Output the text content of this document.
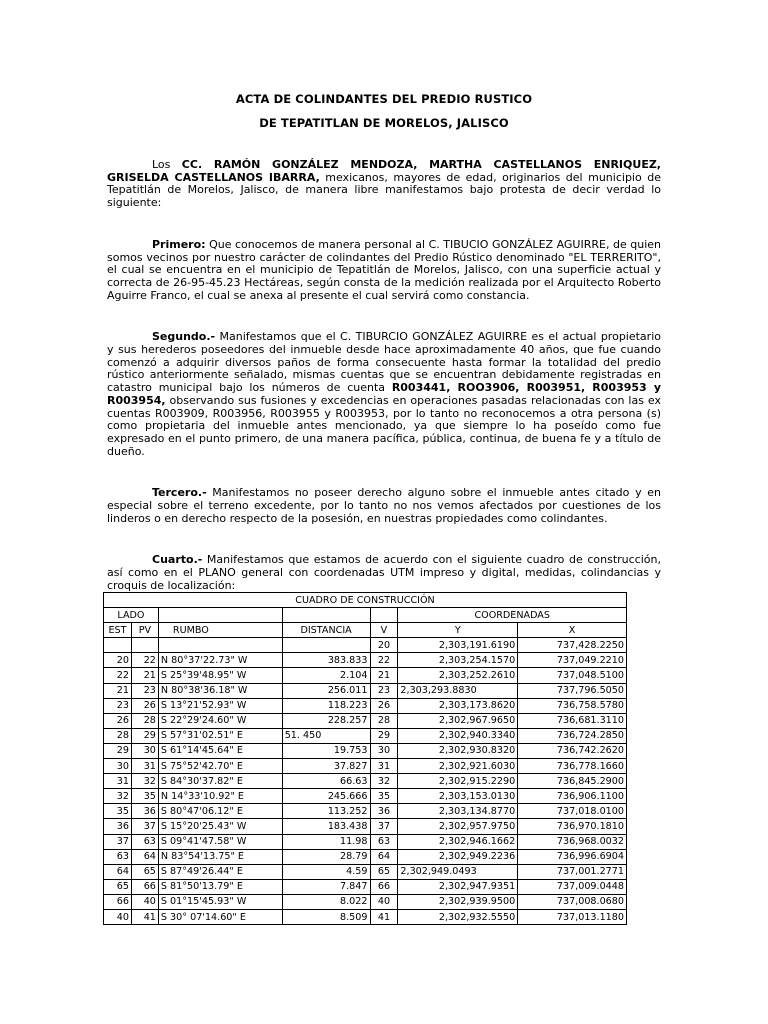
ACTA DE COLINDANTES DEL PREDIO RUSTICO
DE TEPATITLAN DE MORELOS, JALISCO

Los CC. RAMÓN GONZÁLEZ MENDOZA, MARTHA CASTELLANOS ENRIQUEZ, GRISELDA CASTELLANOS IBARRA, mexicanos, mayores de edad, originarios del municipio de Tepatitlán de Morelos, Jalisco, de manera libre manifestamos bajo protesta de decir verdad lo siguiente:

Primero: Que conocemos de manera personal al C. TIBUCIO GONZÁLEZ AGUIRRE, de quien somos vecinos por nuestro carácter de colindantes del Predio Rústico denominado "EL TERRERITO", el cual se encuentra en el municipio de Tepatitlán de Morelos, Jalisco, con una superficie actual y correcta de 26-95-45.23 Hectáreas, según consta de la medición realizada por el Arquitecto Roberto Aguirre Franco, el cual se anexa al presente el cual servirá como constancia.

Segundo.- Manifestamos que el C. TIBURCIO GONZÁLEZ AGUIRRE es el actual propietario y sus herederos poseedores del inmueble desde hace aproximadamente 40 años, que fue cuando comenzó a adquirir diversos paños de forma consecuente hasta formar la totalidad del predio rústico anteriormente señalado, mismas cuentas que se encuentran debidamente registradas en catastro municipal bajo los números de cuenta R003441, ROO3906, R003951, R003953 y R003954, observando sus fusiones y excedencias en operaciones pasadas relacionadas con las ex cuentas R003909, R003956, R003955 y R003953, por lo tanto no reconocemos a otra persona (s) como propietaria del inmueble antes mencionado, ya que siempre lo ha poseído como fue expresado en el punto primero, de una manera pacífica, pública, continua, de buena fe y a título de dueño.

Tercero.- Manifestamos no poseer derecho alguno sobre el inmueble antes citado y en especial sobre el terreno excedente, por lo tanto no nos vemos afectados por cuestiones de los linderos o en derecho respecto de la posesión, en nuestras propiedades como colindantes.

Cuarto.- Manifestamos que estamos de acuerdo con el siguiente cuadro de construcción, así como en el PLANO general con coordenadas UTM impreso y digital, medidas, colindancias y croquis de localización:

CUADRO DE CONSTRUCCIÓN						
LADO					COORDENADAS	
EST	PV	RUMBO	DISTANCIA	V	Y	X
				20	2,303,191.6190	737,428.2250
20	22	N 80°37'22.73" W	383.833	22	2,303,254.1570	737,049.2210
22	21	S 25°39'48.95" W	2.104	21	2,303,252.2610	737,048.5100
21	23	N 80°38'36.18" W	256.011	23	2,303,293.8830	737,796.5050
23	26	S 13°21'52.93" W	118.223	26	2,303,173.8620	736,758.5780
26	28	S 22°29'24.60" W	228.257	28	2,302,967.9650	736,681.3110
28	29	S 57°31'02.51" E	51. 450	29	2,302,940.3340	736,724.2850
29	30	S 61°14'45.64" E	19.753	30	2,302,930.8320	736,742.2620
30	31	S 75°52'42.70" E	37.827	31	2,302,921.6030	736,778.1660
31	32	S 84°30'37.82" E	66.63	32	2,302,915.2290	736,845.2900
32	35	N 14°33'10.92" E	245.666	35	2,303,153.0130	736,906.1100
35	36	S 80°47'06.12" E	113.252	36	2,303,134.8770	737,018.0100
36	37	S 15°20'25.43" W	183.438	37	2,302,957.9750	736,970.1810
37	63	S 09°41'47.58" W	11.98	63	2,302,946.1662	736,968.0032
63	64	N 83°54'13.75" E	28.79	64	2,302,949.2236	736,996.6904
64	65	S 87°49'26.44" E	4.59	65	2,302,949.0493	737,001.2771
65	66	S 81°50'13.79" E	7.847	66	2,302,947.9351	737,009.0448
66	40	S 01°15'45.93" W	8.022	40	2,302,939.9500	737,008.0680
40	41	S 30° 07'14.60" E	8.509	41	2,302,932.5550	737,013.1180
